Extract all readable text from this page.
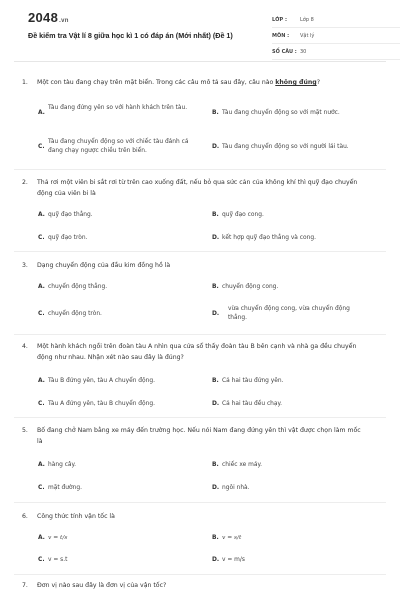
2048.vn
Đề kiểm tra Vật lí 8 giữa học kì 1 có đáp án (Mới nhất) (Đề 1)
LỚP :	Lớp 8
MÔN :	Vật lý
SỐ CÂU : 30
1.	Một con tàu đang chạy trên mặt biển. Trong các câu mô tả sau đây, câu nào không đúng?
A.
Tàu đang đứng yên so với hành khách trên tàu.
B. Tàu đang chuyển động so với mặt nước.
C.
Tàu đang chuyển động so với chiếc tàu đánh cá đang chạy ngược chiều trên biển.
D. Tàu đang chuyển động so với người lái tàu.
2.	Thả rơi một viên bi sắt rơi từ trên cao xuống đất, nếu bỏ qua sức cản của không khí thì quỹ đạo chuyển động của viên bi là
A. quỹ đạo thẳng.	B. quỹ đạo cong.
C. quỹ đạo tròn.	D. kết hợp quỹ đạo thẳng và cong.
3.	Dạng chuyển động của đầu kim đồng hồ là
A. chuyển động thẳng.	B. chuyển động cong.
C. chuyển động tròn.	D.
vừa chuyển động cong, vừa chuyển động thẳng.
4.	Một hành khách ngồi trên đoàn tàu A nhìn qua cửa sổ thấy đoàn tàu B bên cạnh và nhà ga đều chuyển động như nhau. Nhận xét nào sau đây là đúng?
A. Tàu B đứng yên, tàu A chuyển động.	B. Cả hai tàu đứng yên.
C. Tàu A đứng yên, tàu B chuyển động.	D. Cả hai tàu đều chạy.
5.	Bố đang chở Nam bằng xe máy đến trường học. Nếu nói Nam đang đứng yên thì vật được chọn làm mốc là
A. hàng cây.	B. chiếc xe máy.
C. mặt đường.	D. ngôi nhà.
6.	Công thức tính vận tốc là
A. v = t/s	B. v = s/t
C. v = s.t	D. v = m/s
7.	Đơn vị nào sau đây là đơn vị của vận tốc?
